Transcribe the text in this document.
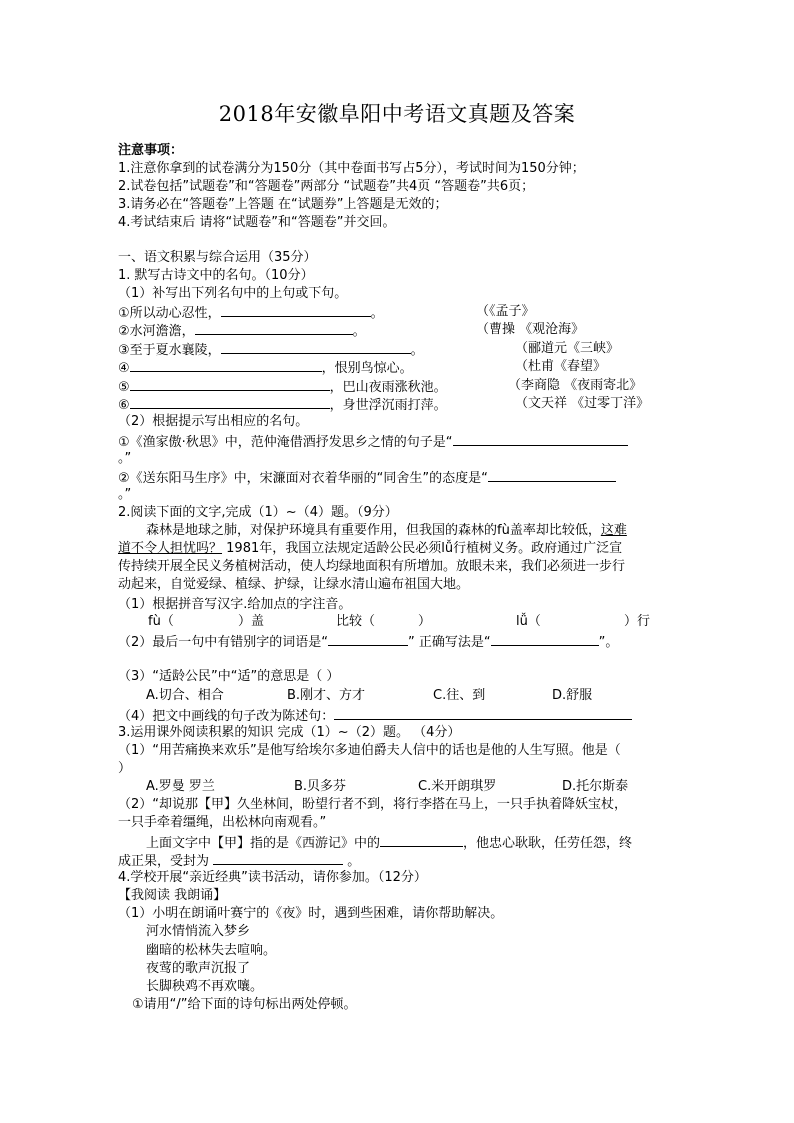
2018年安徽阜阳中考语文真题及答案
注意事项：
1.注意你拿到的试卷满分为150分（其中卷面书写占5分），考试时间为150分钟；
2.试卷包括”试题卷”和“答题卷”两部分 “试题卷”共4页 “答题卷”共6页；
3.请务必在“答题卷”上答题 在“试题券”上答题是无效的；
4.考试结束后 请将“试题卷”和“答题卷”并交回。
一、语文积累与综合运用（35分）
1. 默写古诗文中的名句。（10分）
（1）补写出下列名句中的上句或下句。
①所以动心忍性，	。	（《孟子》
②水河澹澹，	。	（曹操 《观沧海》
③至于夏水襄陵，	。	（郦道元《三峡》
④	，恨别鸟惊心。	（杜甫《春望》
⑤	，巴山夜雨涨秋池。	（李商隐 《夜雨寄北》
⑥	，身世浮沉雨打萍。	（文天祥 《过零丁洋》
（2）根据提示写出相应的名句。
①《渔家傲·秋思》中，范仲淹借酒抒发思乡之情的句子是“
。”
②《送东阳马生序》中，宋濂面对衣着华丽的“同舍生”的态度是“
。”
2.阅读下面的文字,完成（1）~（4）题。（9分）
森林是地球之肺，对保护环境具有重要作用，但我国的森林的fù盖率却比较低，这难
道不令人担忧吗？ 1981年，我国立法规定适龄公民必须lǚ行植树义务。政府通过广泛宣
传持续开展全民义务植树活动，使人均绿地面积有所增加。放眼未来，我们必须进一步行
动起来，自觉爱绿、植绿、护绿，让绿水清山遍布祖国大地。
（1）根据拼音写汉字.给加点的字注音。
fù（	）盖	比较（	）	lǚ（	）行
（2）最后一句中有错别字的词语是“	” 正确写法是“	”。
（3）“适龄公民”中“适”的意思是（ ）
A.切合、相合	B.刚才、方才	C.往、到	D.舒服
（4）把文中画线的句子改为陈述句：
3.运用课外阅读积累的知识 完成（1）~（2）题。 （4分）
（1）“用苦痛换来欢乐”是他写给埃尔多迪伯爵夫人信中的话也是他的人生写照。他是（
）
A.罗曼 罗兰	B.贝多芬	C.米开朗琪罗	D.托尔斯泰
（2）“却说那【甲】久坐林间，盼望行者不到，将行李搭在马上，一只手执着降妖宝杖，
一只手牵着缰绳，出松林向南观看。”
上面文字中【甲】指的是《西游记》中的	，他忠心耿耿，任劳任怨，终
成正果，受封为	。
4.学校开展“亲近经典”读书活动，请你参加。（12分）
【我阅读 我朗诵】
（1）小明在朗诵叶赛宁的《夜》时，遇到些困难，请你帮助解决。
河水情悄流入梦乡
幽暗的松林失去喧响。
夜莺的歌声沉报了
长脚秧鸡不再欢嚷。
①请用“/”给下面的诗句标出两处停顿。
